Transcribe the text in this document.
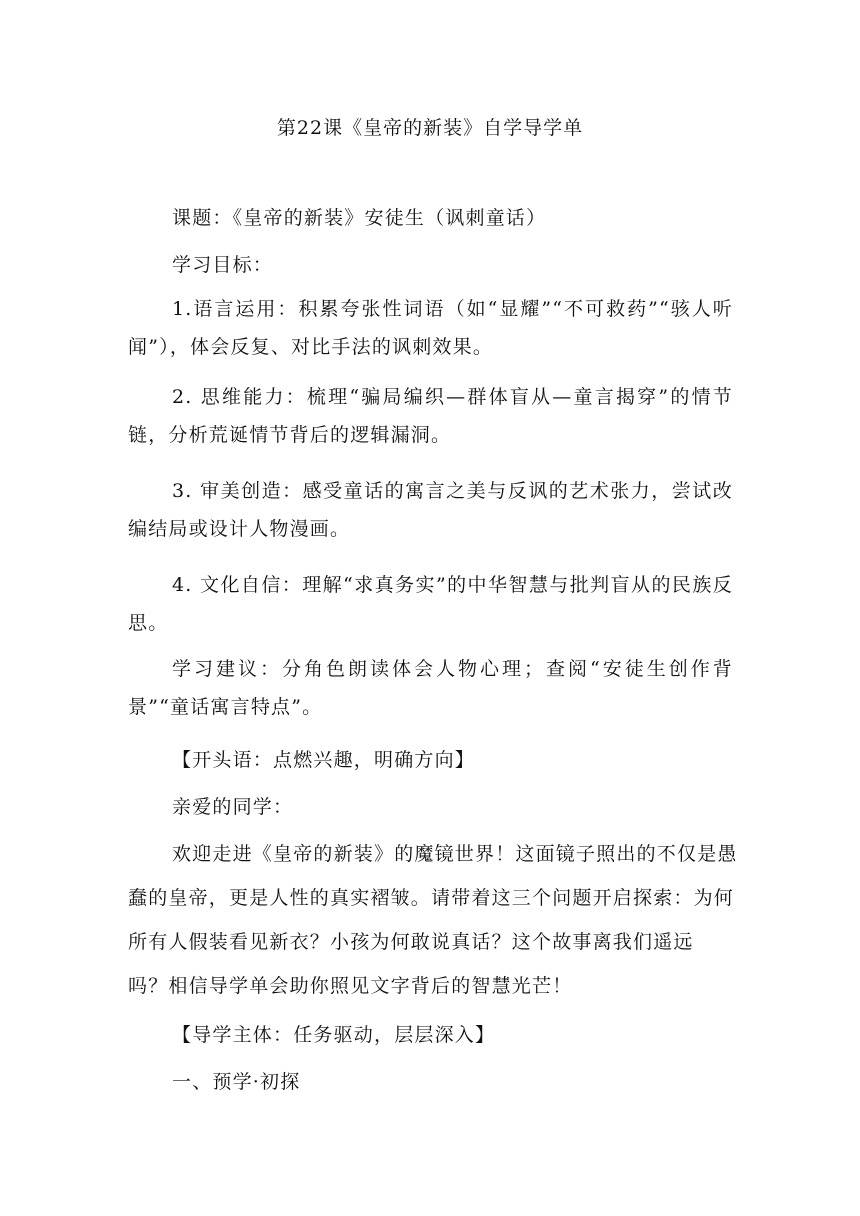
第22课《皇帝的新装》自学导学单
课题：《皇帝的新装》安徒生（讽刺童话）
学习目标：

1.语言运用：积累夸张性词语（如“显耀”“不可救药”“骇人听闻”），体会反复、对比手法的讽刺效果。

2. 思维能力：梳理“骗局编织—群体盲从—童言揭穿”的情节链，分析荒诞情节背后的逻辑漏洞。

3. 审美创造：感受童话的寓言之美与反讽的艺术张力，尝试改编结局或设计人物漫画。

4. 文化自信：理解“求真务实”的中华智慧与批判盲从的民族反思。

学习建议：分角色朗读体会人物心理；查阅“安徒生创作背景”“童话寓言特点”。

【开头语：点燃兴趣，明确方向】
亲爱的同学：
欢迎走进《皇帝的新装》的魔镜世界！这面镜子照出的不仅是愚
蠢的皇帝，更是人性的真实褶皱。请带着这三个问题开启探索：为何
所有人假装看见新衣？小孩为何敢说真话？这个故事离我们遥远
吗？相信导学单会助你照见文字背后的智慧光芒！
【导学主体：任务驱动，层层深入】
一、预学·初探
